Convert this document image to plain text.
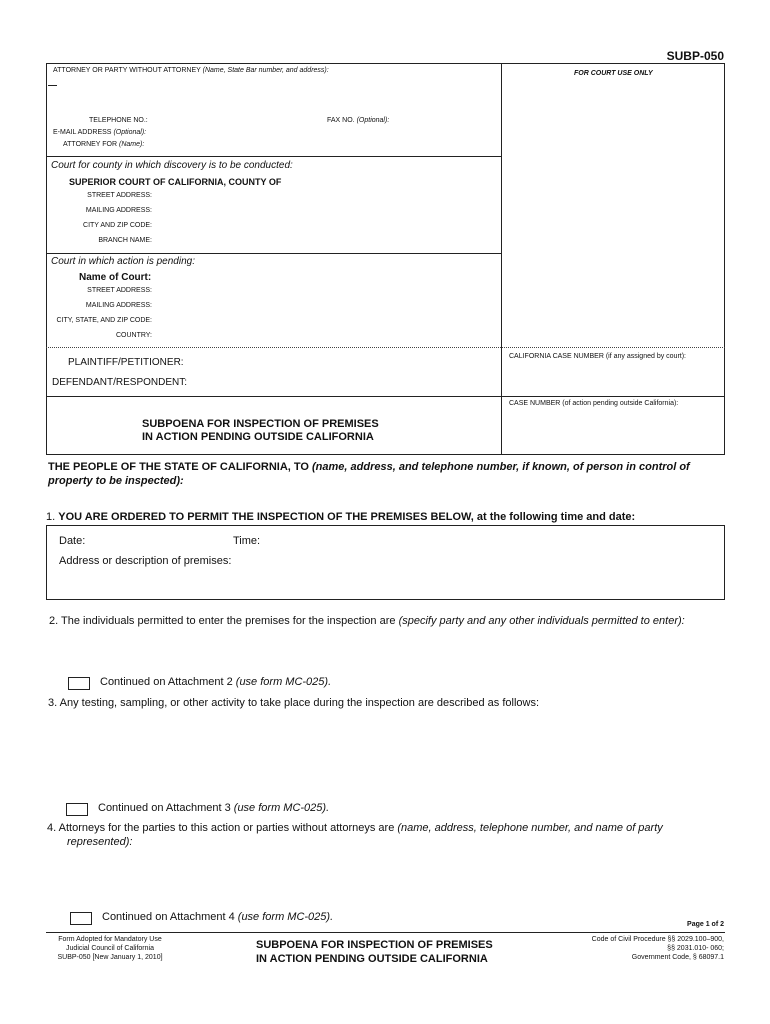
SUBP-050
ATTORNEY OR PARTY WITHOUT ATTORNEY (Name, State Bar number, and address):	FOR COURT USE ONLY
TELEPHONE NO.:	FAX NO. (Optional):
E-MAIL ADDRESS (Optional):
ATTORNEY FOR (Name):
Court for county in which discovery is to be conducted:
SUPERIOR COURT OF CALIFORNIA, COUNTY OF
STREET ADDRESS:
MAILING ADDRESS:
CITY AND ZIP CODE:
BRANCH NAME:
Court in which action is pending:
Name of Court:
STREET ADDRESS:
MAILING ADDRESS:
CITY, STATE, AND ZIP CODE:
COUNTRY:
PLAINTIFF/PETITIONER:
CALIFORNIA CASE NUMBER (if any assigned by court):
DEFENDANT/RESPONDENT:
CASE NUMBER (of action pending outside California):
SUBPOENA FOR INSPECTION OF PREMISES
IN ACTION PENDING OUTSIDE CALIFORNIA
THE PEOPLE OF THE STATE OF CALIFORNIA, TO (name, address, and telephone number, if known, of person in control of
property to be inspected):
1. YOU ARE ORDERED TO PERMIT THE INSPECTION OF THE PREMISES BELOW, at the following time and date:
Date:	Time:
Address or description of premises:
2. The individuals permitted to enter the premises for the inspection are (specify party and any other individuals permitted to enter):
Continued on Attachment 2 (use form MC-025).
3. Any testing, sampling, or other activity to take place during the inspection are described as follows:
Continued on Attachment 3 (use form MC-025).
4. Attorneys for the parties to this action or parties without attorneys are (name, address, telephone number, and name of party
represented):
Continued on Attachment 4 (use form MC-025).
Page 1 of 2
Form Adopted for Mandatory Use
Judicial Council of California
SUBP-050 [New January 1, 2010]
SUBPOENA FOR INSPECTION OF PREMISES
IN ACTION PENDING OUTSIDE CALIFORNIA
Code of Civil Procedure §§ 2029.100–900,
§§ 2031.010- 060;
Government Code, § 68097.1
